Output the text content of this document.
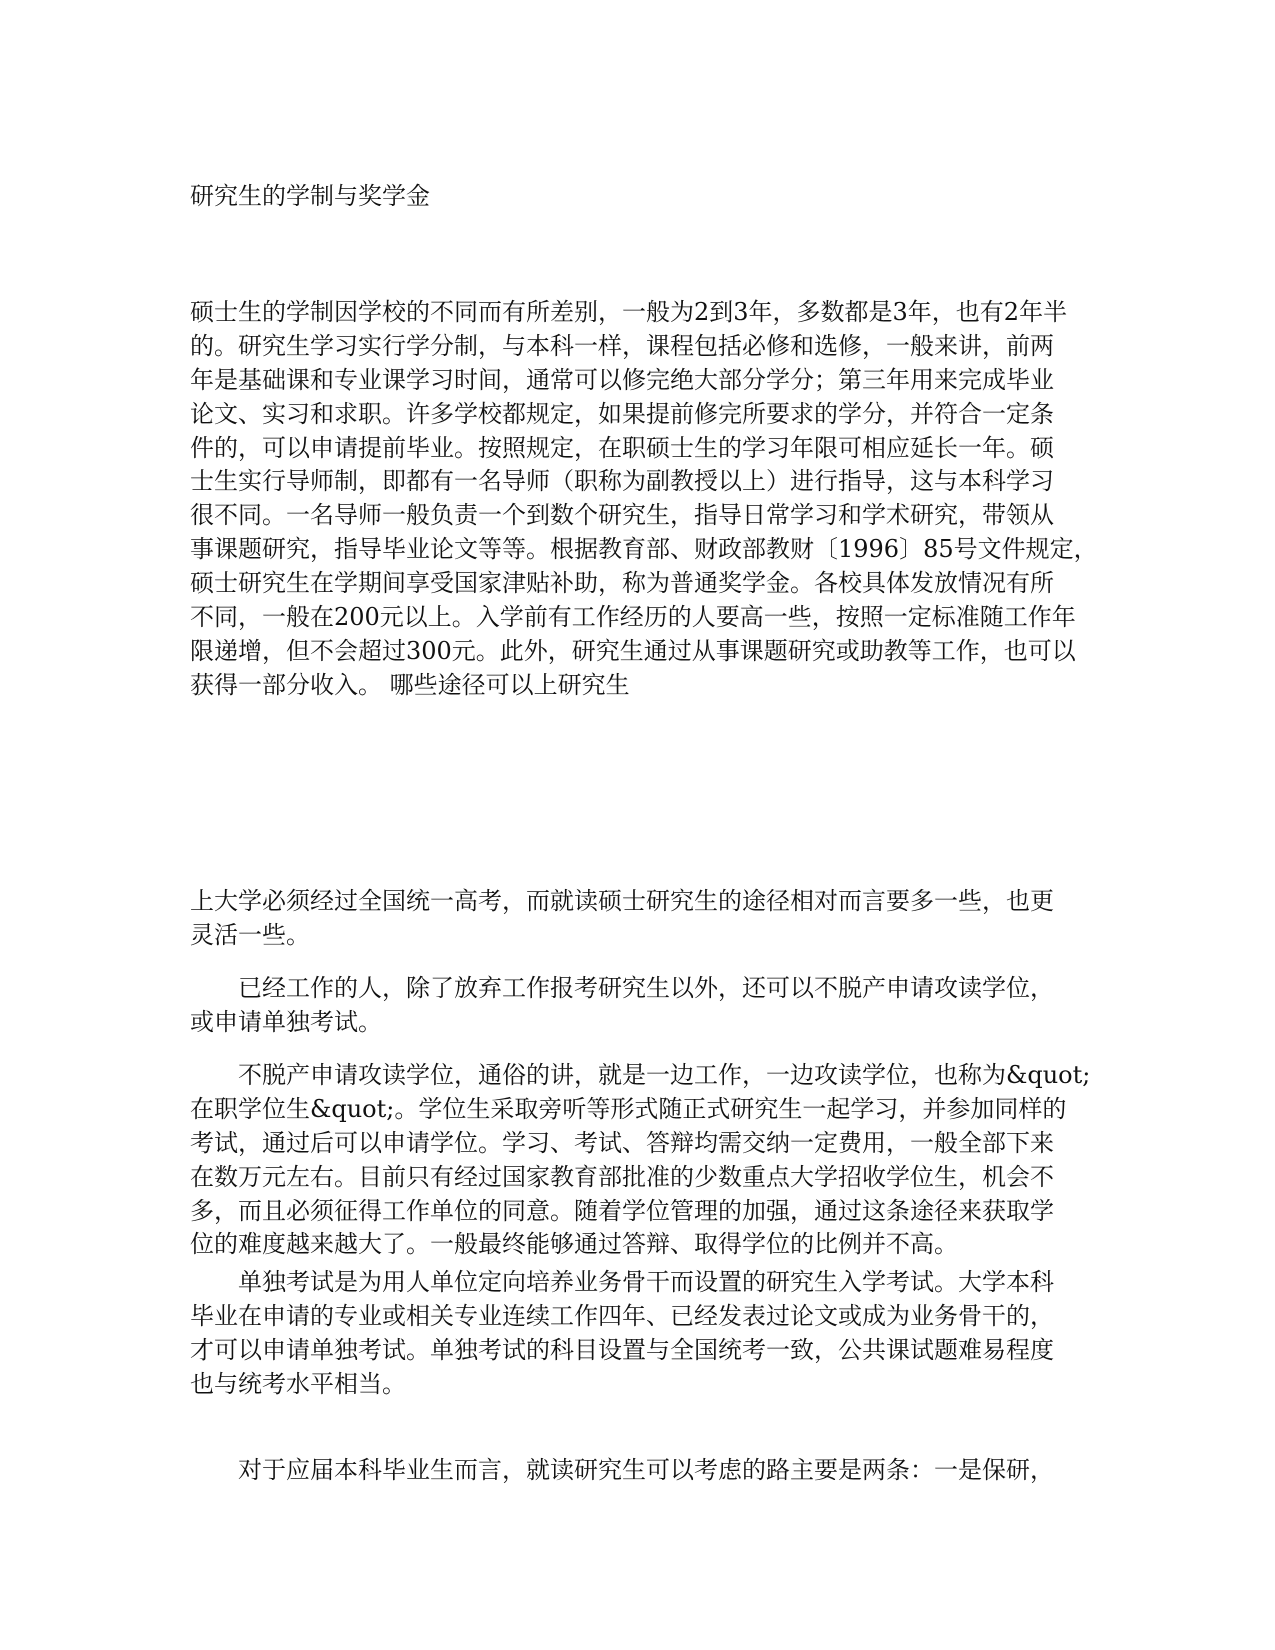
研究生的学制与奖学金
硕士生的学制因学校的不同而有所差别，一般为2到3年，多数都是3年，也有2年半
的。研究生学习实行学分制，与本科一样，课程包括必修和选修，一般来讲，前两
年是基础课和专业课学习时间，通常可以修完绝大部分学分；第三年用来完成毕业
论文、实习和求职。许多学校都规定，如果提前修完所要求的学分，并符合一定条
件的，可以申请提前毕业。按照规定，在职硕士生的学习年限可相应延长一年。硕
士生实行导师制，即都有一名导师（职称为副教授以上）进行指导，这与本科学习
很不同。一名导师一般负责一个到数个研究生，指导日常学习和学术研究，带领从
事课题研究，指导毕业论文等等。根据教育部、财政部教财〔1996〕85号文件规定，
硕士研究生在学期间享受国家津贴补助，称为普通奖学金。各校具体发放情况有所
不同，一般在200元以上。入学前有工作经历的人要高一些，按照一定标准随工作年
限递增，但不会超过300元。此外，研究生通过从事课题研究或助教等工作，也可以
获得一部分收入。 哪些途径可以上研究生
上大学必须经过全国统一高考，而就读硕士研究生的途径相对而言要多一些，也更
灵活一些。
已经工作的人，除了放弃工作报考研究生以外，还可以不脱产申请攻读学位，
或申请单独考试。
不脱产申请攻读学位，通俗的讲，就是一边工作，一边攻读学位，也称为&quot;
在职学位生&quot;。学位生采取旁听等形式随正式研究生一起学习，并参加同样的
考试，通过后可以申请学位。学习、考试、答辩均需交纳一定费用，一般全部下来
在数万元左右。目前只有经过国家教育部批准的少数重点大学招收学位生，机会不
多，而且必须征得工作单位的同意。随着学位管理的加强，通过这条途径来获取学
位的难度越来越大了。一般最终能够通过答辩、取得学位的比例并不高。
单独考试是为用人单位定向培养业务骨干而设置的研究生入学考试。大学本科
毕业在申请的专业或相关专业连续工作四年、已经发表过论文或成为业务骨干的，
才可以申请单独考试。单独考试的科目设置与全国统考一致，公共课试题难易程度
也与统考水平相当。
对于应届本科毕业生而言，就读研究生可以考虑的路主要是两条：一是保研，
